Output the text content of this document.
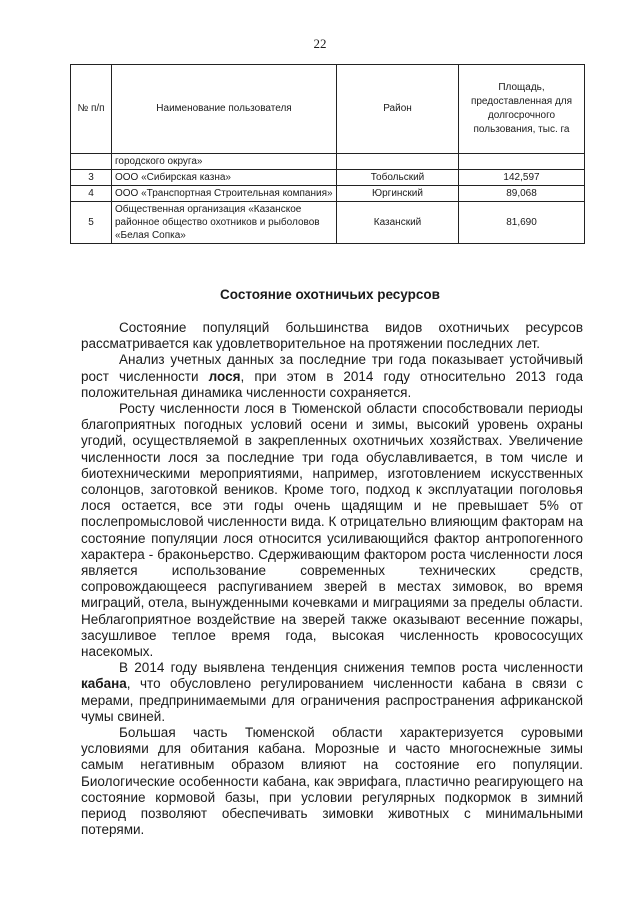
22
№ п/п	Наименование пользователя	Район	Площадь, предоставленная для долгосрочного пользования, тыс. га
	городского округа»		
3	ООО «Сибирская казна»	Тобольский	142,597
4	ООО «Транспортная Строительная компания»	Юргинский	89,068
5	Общественная организация «Казанское районное общество охотников и рыболовов «Белая Сопка»	Казанский	81,690
Состояние охотничьих ресурсов

Состояние популяций большинства видов охотничьих ресурсов рассматривается как удовлетворительное на протяжении последних лет.

Анализ учетных данных за последние три года показывает устойчивый рост численности лося, при этом в 2014 году относительно 2013 года положительная динамика численности сохраняется.

Росту численности лося в Тюменской области способствовали периоды благоприятных погодных условий осени и зимы, высокий уровень охраны угодий, осуществляемой в закрепленных охотничьих хозяйствах. Увеличение численности лося за последние три года обуславливается, в том числе и биотехническими мероприятиями, например, изготовлением искусственных солонцов, заготовкой веников. Кроме того, подход к эксплуатации поголовья лося остается, все эти годы очень щадящим и не превышает 5% от послепромысловой численности вида. К отрицательно влияющим факторам на состояние популяции лося относится усиливающийся фактор антропогенного характера - браконьерство. Сдерживающим фактором роста численности лося является использование современных технических средств, сопровождающееся распугиванием зверей в местах зимовок, во время миграций, отела, вынужденными кочевками и миграциями за пределы области. Неблагоприятное воздействие на зверей также оказывают весенние пожары, засушливое теплое время года, высокая численность кровососущих насекомых.

В 2014 году выявлена тенденция снижения темпов роста численности кабана, что обусловлено регулированием численности кабана в связи с мерами, предпринимаемыми для ограничения распространения африканской чумы свиней.

Большая часть Тюменской области характеризуется суровыми условиями для обитания кабана. Морозные и часто многоснежные зимы самым негативным образом влияют на состояние его популяции. Биологические особенности кабана, как эврифага, пластично реагирующего на состояние кормовой базы, при условии регулярных подкормок в зимний период позволяют обеспечивать зимовки животных с минимальными потерями.
